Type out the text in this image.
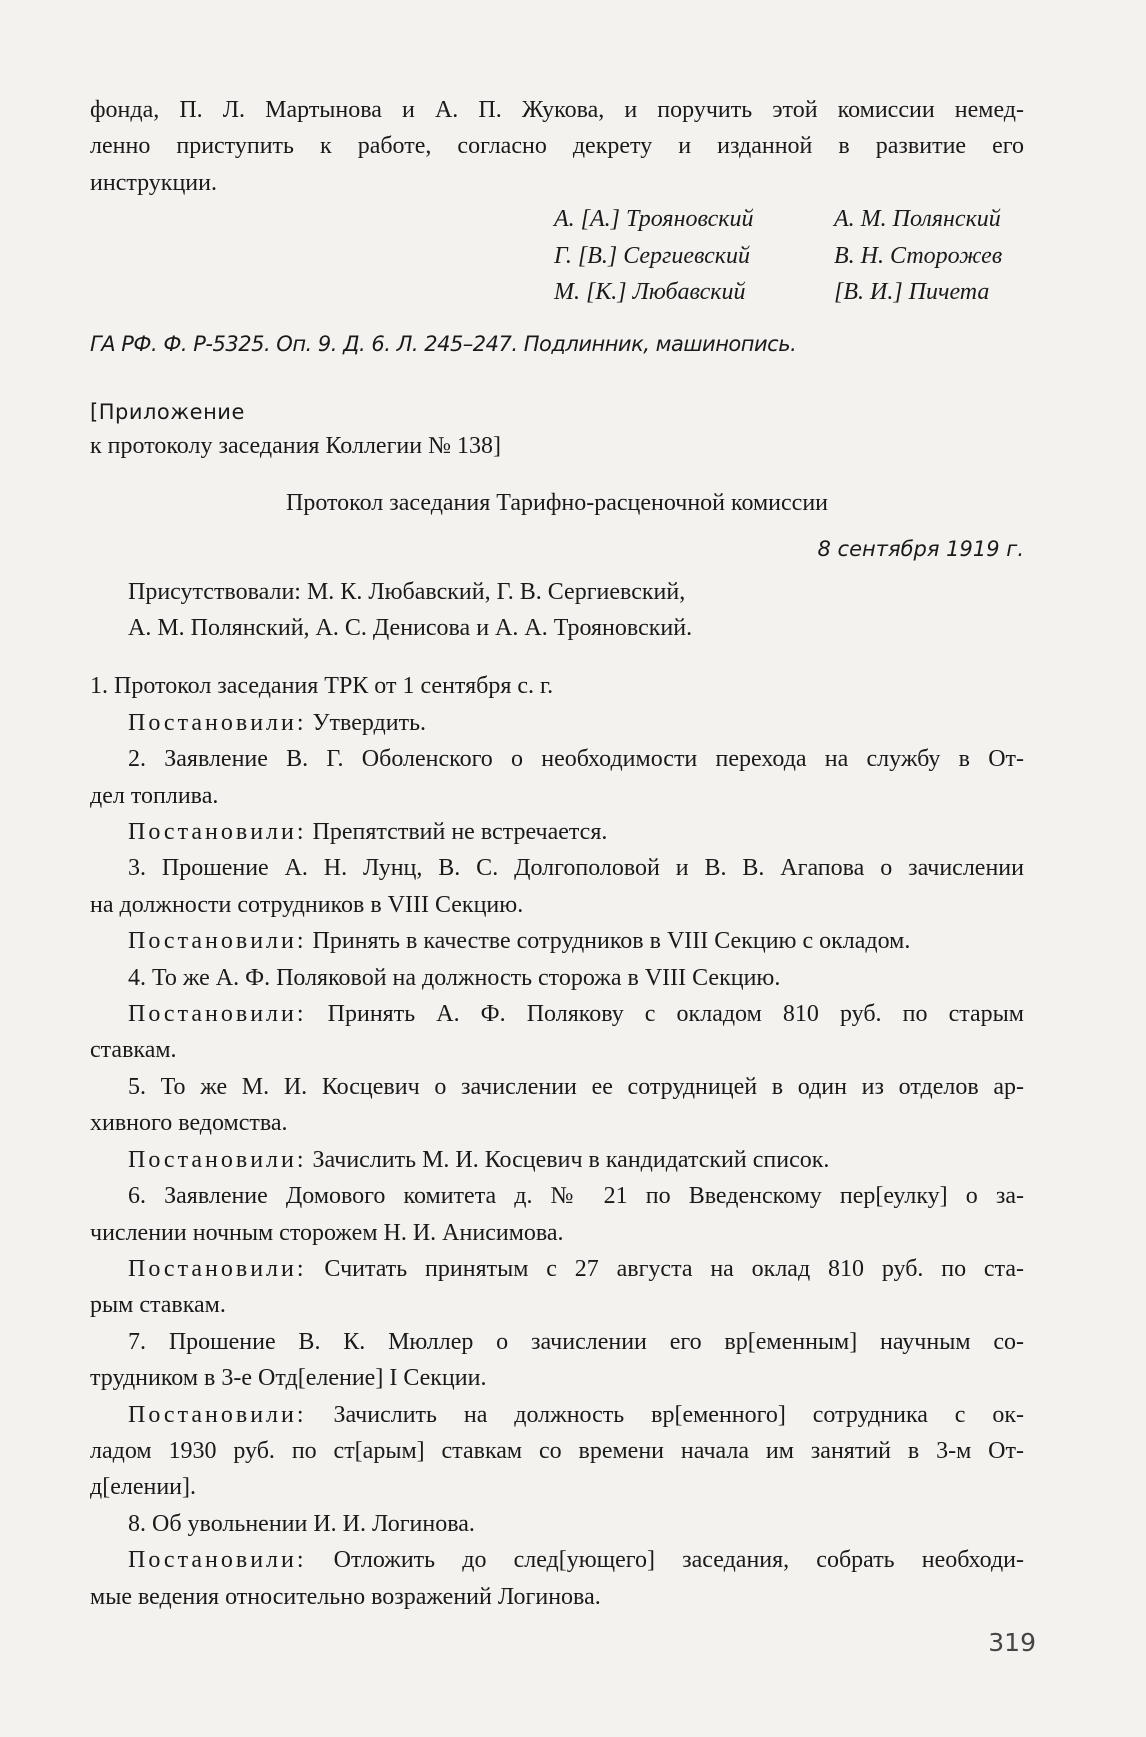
фонда, П. Л. Мартынова и А. П. Жукова, и поручить этой комиссии немед-
ленно приступить к работе, согласно декрету и изданной в развитие его
инструкции.
А. [А.] Трояновский	А. М. Полянский
Г. [В.] Сергиевский	В. Н. Сторожев
М. [К.] Любавский	[В. И.] Пичета
ГА РФ. Ф. Р-5325. Оп. 9. Д. 6. Л. 245–247. Подлинник, машинопись.
[Приложение
к протоколу заседания Коллегии № 138]
Протокол заседания Тарифно-расценочной комиссии
8 сентября 1919 г.
Присутствовали: М. К. Любавский, Г. В. Сергиевский,
А. М. Полянский, А. С. Денисова и А. А. Трояновский.
1. Протокол заседания ТРК от 1 сентября с. г.
Постановили: Утвердить.
2. Заявление В. Г. Оболенского о необходимости перехода на службу в От-
дел топлива.
Постановили: Препятствий не встречается.
3. Прошение А. Н. Лунц, В. С. Долгополовой и В. В. Агапова о зачислении
на должности сотрудников в VIII Секцию.
Постановили: Принять в качестве сотрудников в VIII Секцию с окладом.
4. То же А. Ф. Поляковой на должность сторожа в VIII Секцию.
Постановили: Принять А. Ф. Полякову с окладом 810 руб. по старым
ставкам.
5. То же М. И. Косцевич о зачислении ее сотрудницей в один из отделов ар-
хивного ведомства.
Постановили: Зачислить М. И. Косцевич в кандидатский список.
6. Заявление Домового комитета д. № 21 по Введенскому пер[еулку] о за-
числении ночным сторожем Н. И. Анисимова.
Постановили: Считать принятым с 27 августа на оклад 810 руб. по ста-
рым ставкам.
7. Прошение В. К. Мюллер о зачислении его вр[еменным] научным со-
трудником в 3-е Отд[еление] I Секции.
Постановили: Зачислить на должность вр[еменного] сотрудника с ок-
ладом 1930 руб. по ст[арым] ставкам со времени начала им занятий в 3-м От-
д[елении].
8. Об увольнении И. И. Логинова.
Постановили: Отложить до след[ующего] заседания, собрать необходи-
мые ведения относительно возражений Логинова.
319
